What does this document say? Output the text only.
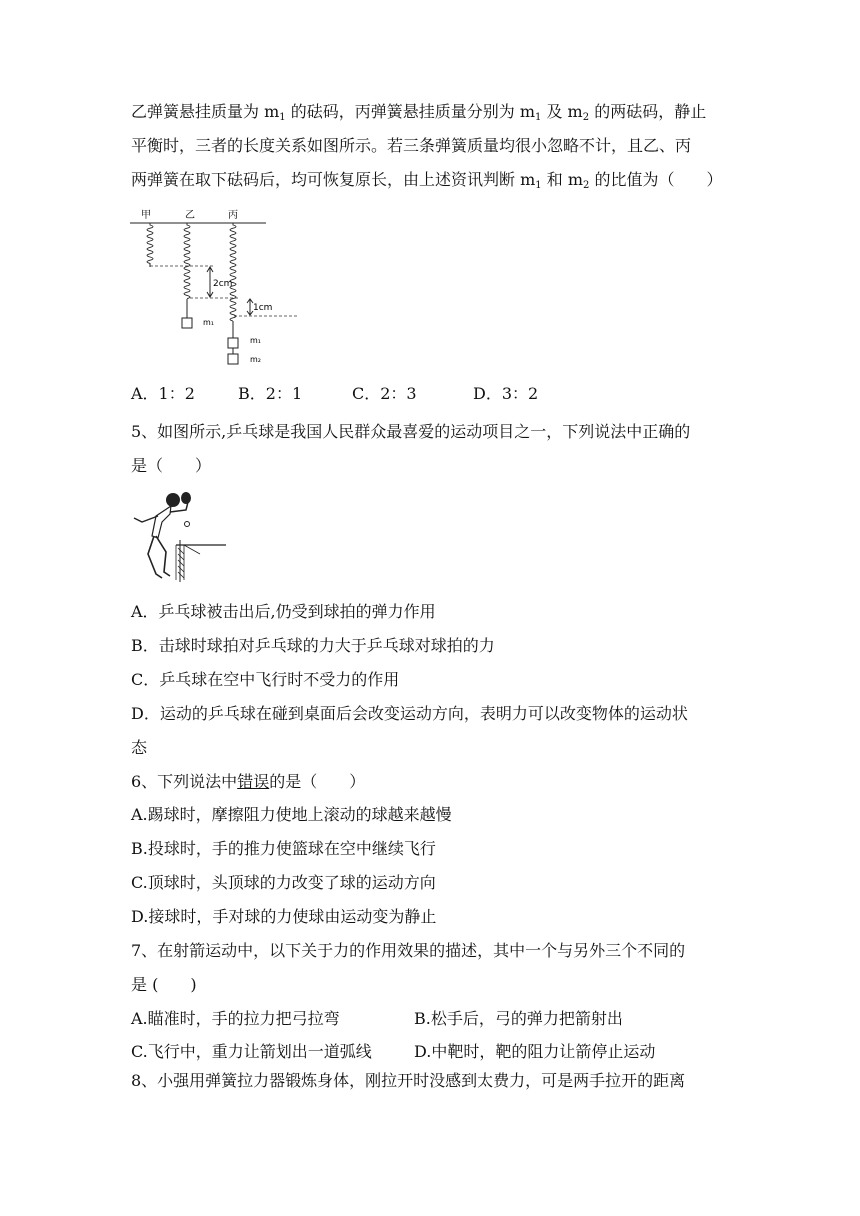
乙弹簧悬挂质量为 $m_1$ 的砝码，丙弹簧悬挂质量分别为 $m_1$ 及 $m_2$ 的两砝码，静止
平衡时，三者的长度关系如图所示。若三条弹簧质量均很小忽略不计，且乙、丙
两弹簧在取下砝码后，均可恢复原长，由上述资讯判断 $m_1$ 和 $m_2$ 的比值为（　　）
甲	乙	丙
2cm
1cm
m₁
m₁
m₂
A．1：2	B．2：1	C．2：3	D．3：2
5、如图所示,乒乓球是我国人民群众最喜爱的运动项目之一，下列说法中正确的
是（　　）
A．乒乓球被击出后,仍受到球拍的弹力作用
B．击球时球拍对乒乓球的力大于乒乓球对球拍的力
C．乒乓球在空中飞行时不受力的作用
D．运动的乒乓球在碰到桌面后会改变运动方向，表明力可以改变物体的运动状
态
6、下列说法中错误的是（　　）
A.踢球时，摩擦阻力使地上滚动的球越来越慢
B.投球时，手的推力使篮球在空中继续飞行
C.顶球时，头顶球的力改变了球的运动方向
D.接球时，手对球的力使球由运动变为静止
7、在射箭运动中，以下关于力的作用效果的描述，其中一个与另外三个不同的
是 (　　)
A.瞄准时，手的拉力把弓拉弯	B.松手后，弓的弹力把箭射出
C.飞行中，重力让箭划出一道弧线	D.中靶时，靶的阻力让箭停止运动
8、小强用弹簧拉力器锻炼身体，刚拉开时没感到太费力，可是两手拉开的距离
